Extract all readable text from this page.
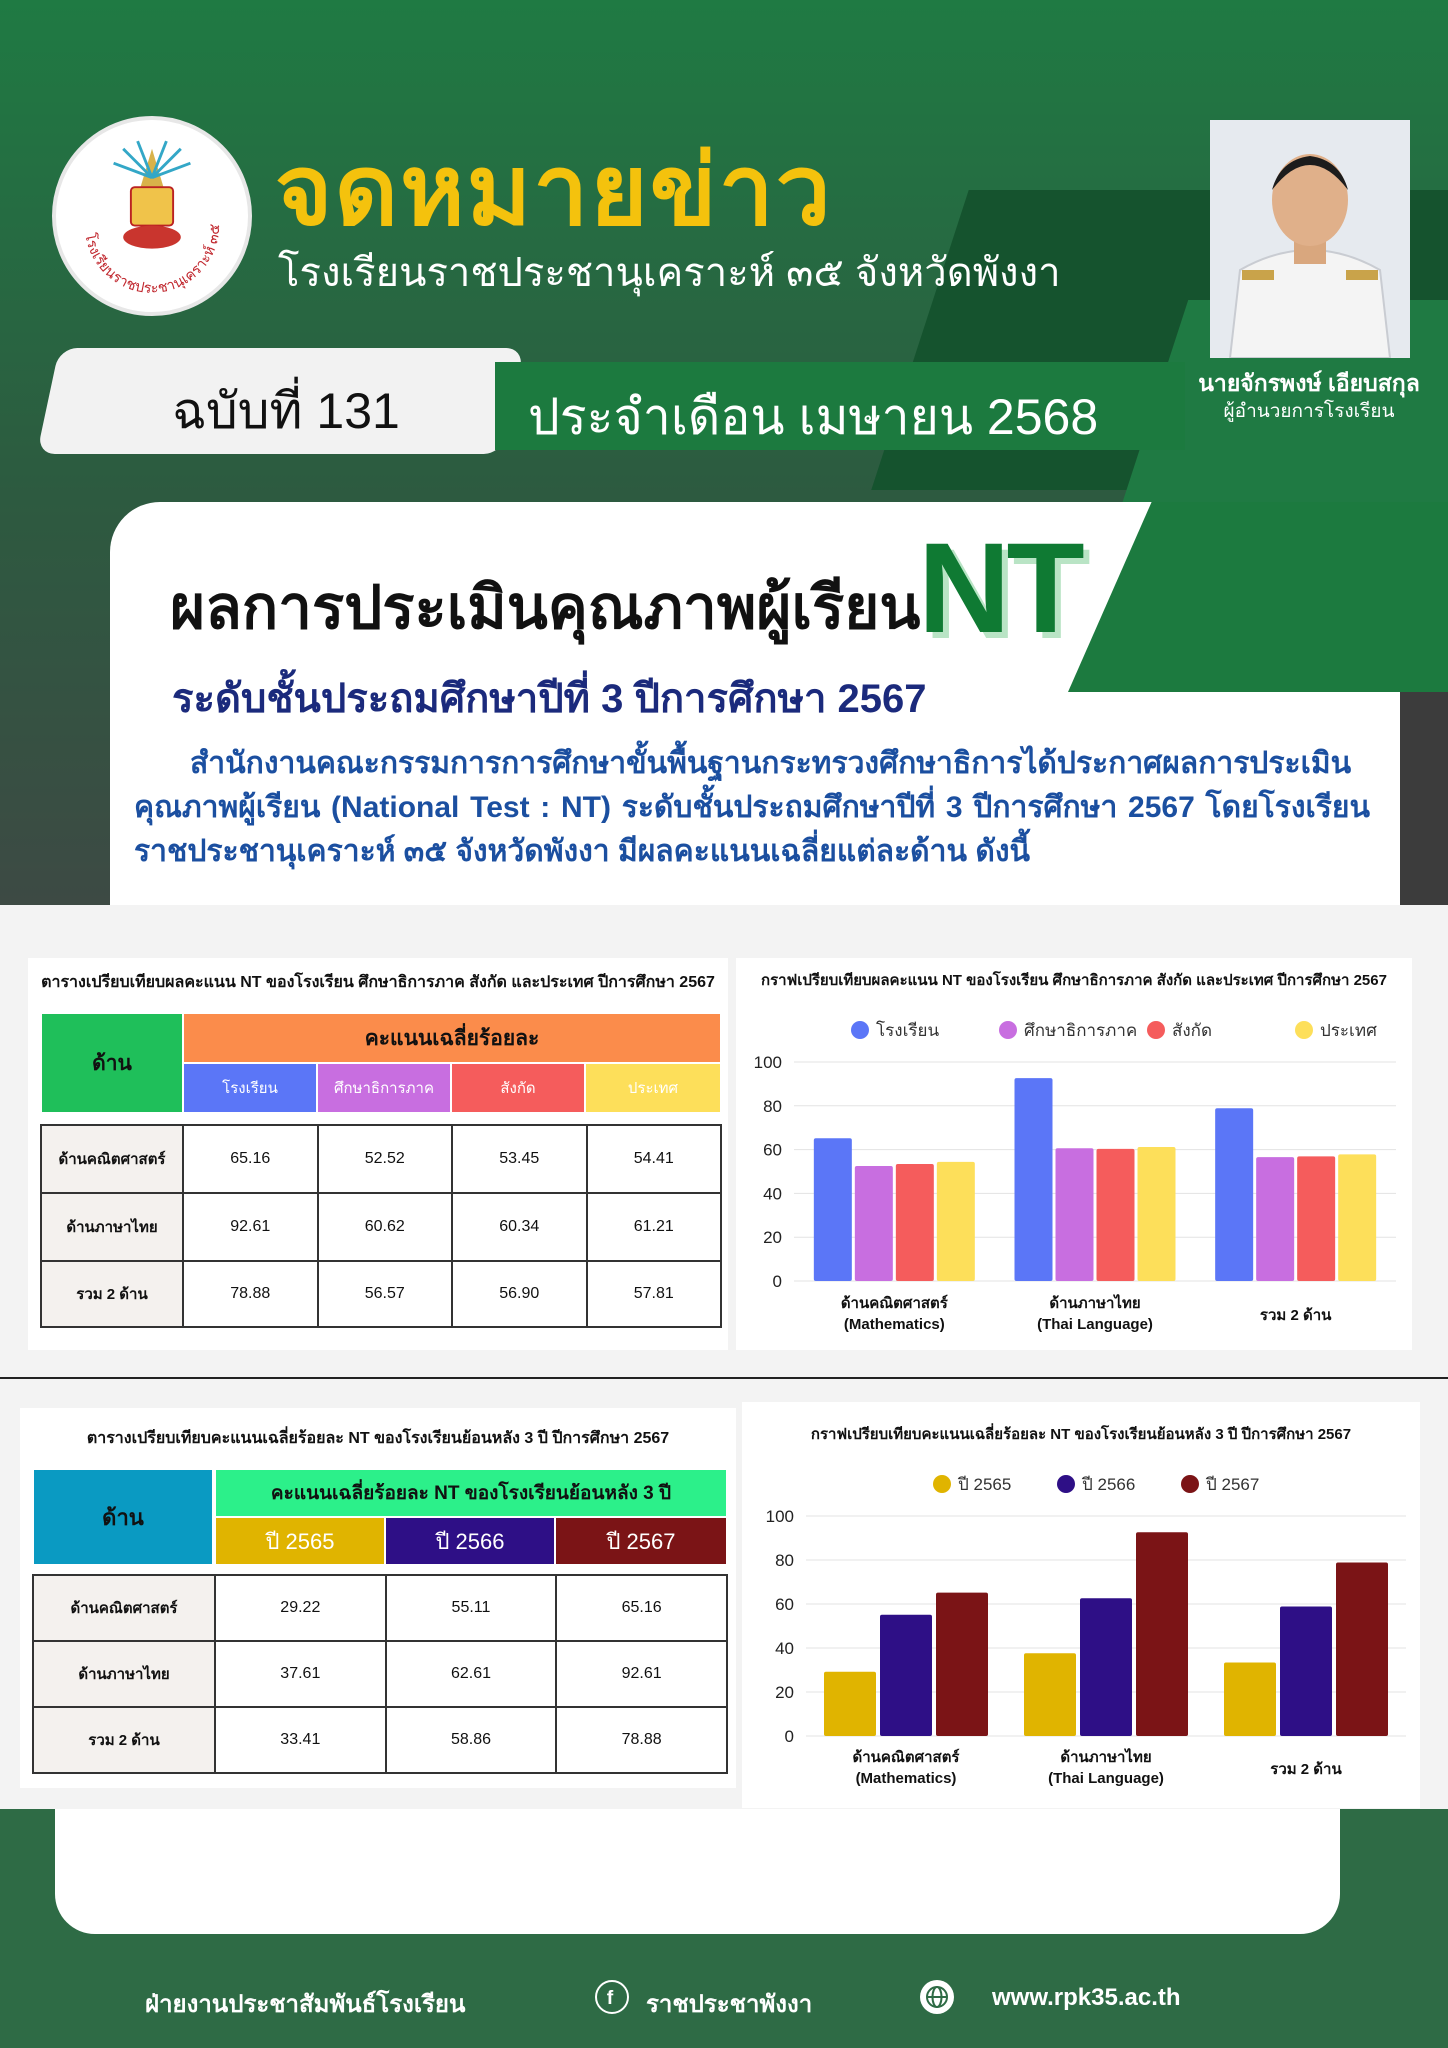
โรงเรียนราชประชานุเคราะห์ ๓๕ จดหมายข่าว
โรงเรียนราชประชานุเคราะห์ ๓๕ จังหวัดพังงา
ฉบับที่ 131	ประจำเดือน เมษายน 2568
นายจักรพงษ์ เอียบสกุล
ผู้อำนวยการโรงเรียน
ผลการประเมินคุณภาพผู้เรียน
NT
ระดับชั้นประถมศึกษาปีที่ 3 ปีการศึกษา 2567
สำนักงานคณะกรรมการการศึกษาขั้นพื้นฐานกระทรวงศึกษาธิการได้ประกาศผลการประเมินคุณภาพผู้เรียน (National Test : NT) ระดับชั้นประถมศึกษาปีที่ 3 ปีการศึกษา 2567 โดยโรงเรียนราชประชานุเคราะห์ ๓๕ จังหวัดพังงา มีผลคะแนนเฉลี่ยแต่ละด้าน ดังนี้
ตารางเปรียบเทียบผลคะแนน NT ของโรงเรียน ศึกษาธิการภาค สังกัด และประเทศ ปีการศึกษา 2567
ด้าน
คะแนนเฉลี่ยร้อยละ
โรงเรียน	ศึกษาธิการภาค	สังกัด	ประเทศ
ด้านคณิตศาสตร์	65.16	52.52	53.45	54.41
ด้านภาษาไทย	92.61	60.62	60.34	61.21
รวม 2 ด้าน	78.88	56.57	56.90	57.81
กราฟเปรียบเทียบผลคะแนน NT ของโรงเรียน ศึกษาธิการภาค สังกัด และประเทศ ปีการศึกษา 2567
โรงเรียน	ศึกษาธิการภาค สังกัด	ประเทศ
0
20
40
60
80
100
ด้านคณิตศาสตร์
(Mathematics)
ด้านภาษาไทย
(Thai Language)
รวม 2 ด้าน
ตารางเปรียบเทียบคะแนนเฉลี่ยร้อยละ NT ของโรงเรียนย้อนหลัง 3 ปี ปีการศึกษา 2567
ด้าน
คะแนนเฉลี่ยร้อยละ NT ของโรงเรียนย้อนหลัง 3 ปี
ปี 2565	ปี 2566	ปี 2567
ด้านคณิตศาสตร์	29.22	55.11	65.16
ด้านภาษาไทย	37.61	62.61	92.61
รวม 2 ด้าน	33.41	58.86	78.88
กราฟเปรียบเทียบคะแนนเฉลี่ยร้อยละ NT ของโรงเรียนย้อนหลัง 3 ปี ปีการศึกษา 2567
ปี 2565	ปี 2566	ปี 2567
0
20
40
60
80
100
ด้านคณิตศาสตร์
(Mathematics)
ด้านภาษาไทย
(Thai Language)
รวม 2 ด้าน
ฝ่ายงานประชาสัมพันธ์โรงเรียน	f ราชประชาพังงา	www.rpk35.ac.th
